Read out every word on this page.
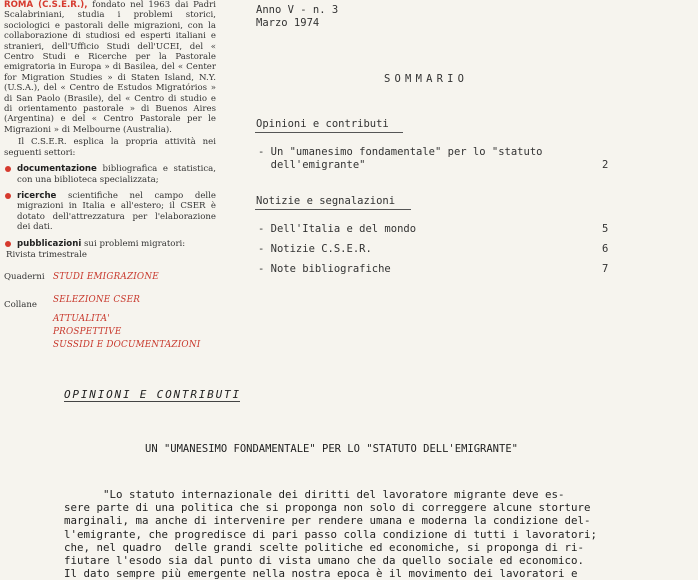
ROMA (C.S.E.R.), fondato nel 1963 dai Padri Scalabriniani, studia i problemi storici, sociologici e pastorali delle migrazioni, con la collaborazione di studiosi ed esperti italiani e stranieri, dell'Ufficio Studi dell'UCEI, del « Centro Studi e Ricerche per la Pastorale emigratoria in Europa » di Basilea, del « Center for Migration Studies » di Staten Island, N.Y. (U.S.A.), del « Centro de Estudos Migratórios » di San Paolo (Brasile), del « Centro di studio e di orientamento pastorale » di Buenos Aires (Argentina) e del « Centro Pastorale per le Migrazioni » di Melbourne (Australia).

Il C.S.E.R. esplica la propria attività nei seguenti settori:

documentazione bibliografica e statistica, con una biblioteca specializzata;

ricerche scientifiche nel campo delle migrazioni in Italia e all'estero; il CSER è dotato dell'attrezzatura per l'elaborazione dei dati.

pubblicazioni sui problemi migratori:

Rivista trimestrale

Quaderni STUDI EMIGRAZIONE
Collane SELEZIONE CSER
ATTUALITA'
PROSPETTIVE
SUSSIDI E DOCUMENTAZIONI
Anno V - n. 3
Marzo 1974
SOMMARIO
Opinioni e contributi
- Un "umanesimo fondamentale" per lo "statuto
dell'emigrante"	2
Notizie e segnalazioni
- Dell'Italia e del mondo	5
- Notizie C.S.E.R.	6
- Note bibliografiche	7
OPINIONI E CONTRIBUTI
UN "UMANESIMO FONDAMENTALE" PER LO "STATUTO DELL'EMIGRANTE"
"Lo statuto internazionale dei diritti del lavoratore migrante deve es-
sere parte di una politica che si proponga non solo di correggere alcune storture
marginali, ma anche di intervenire per rendere umana e moderna la condizione del-
l'emigrante, che progredisce di pari passo colla condizione di tutti i lavoratori;
che, nel quadro  delle grandi scelte politiche ed economiche, si proponga di ri-
fiutare l'esodo sia dal punto di vista umano che da quello sociale ed economico.
Il dato sempre più emergente nella nostra epoca è il movimento dei lavoratori e
